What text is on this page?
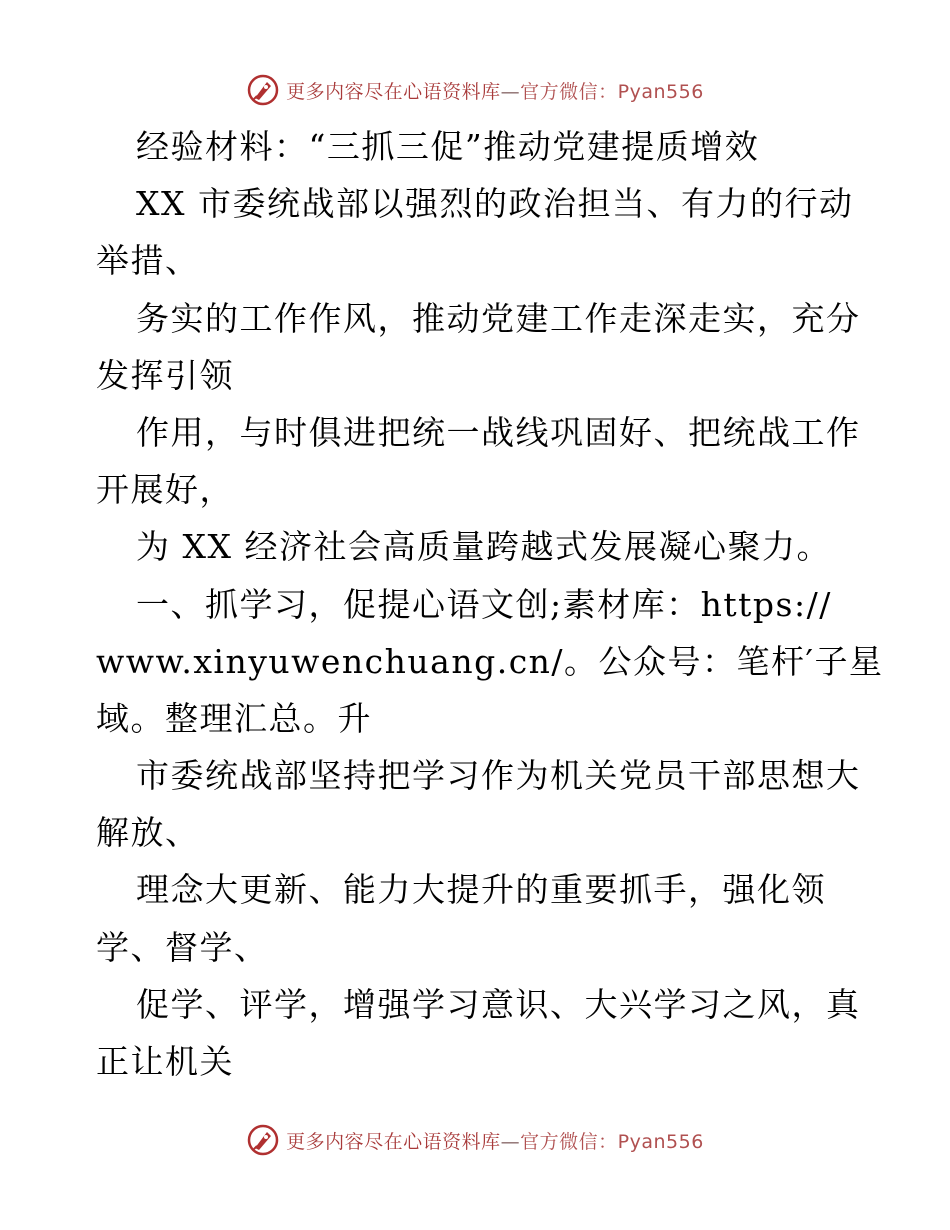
更多内容尽在心语资料库—官方微信：Pyan556
经验材料：“三抓三促”推动党建提质增效
XX 市委统战部以强烈的政治担当、有力的行动
举措、
务实的工作作风，推动党建工作走深走实，充分
发挥引领
作用，与时俱进把统一战线巩固好、把统战工作
开展好，
为 XX 经济社会高质量跨越式发展凝心聚力。
一、抓学习，促提心语文创;素材库：https://
www.xinyuwenchuang.cn/。公众号：笔杆′子星
域。整理汇总。升
市委统战部坚持把学习作为机关党员干部思想大
解放、
理念大更新、能力大提升的重要抓手，强化领
学、督学、
促学、评学，增强学习意识、大兴学习之风，真
正让机关
更多内容尽在心语资料库—官方微信：Pyan556
